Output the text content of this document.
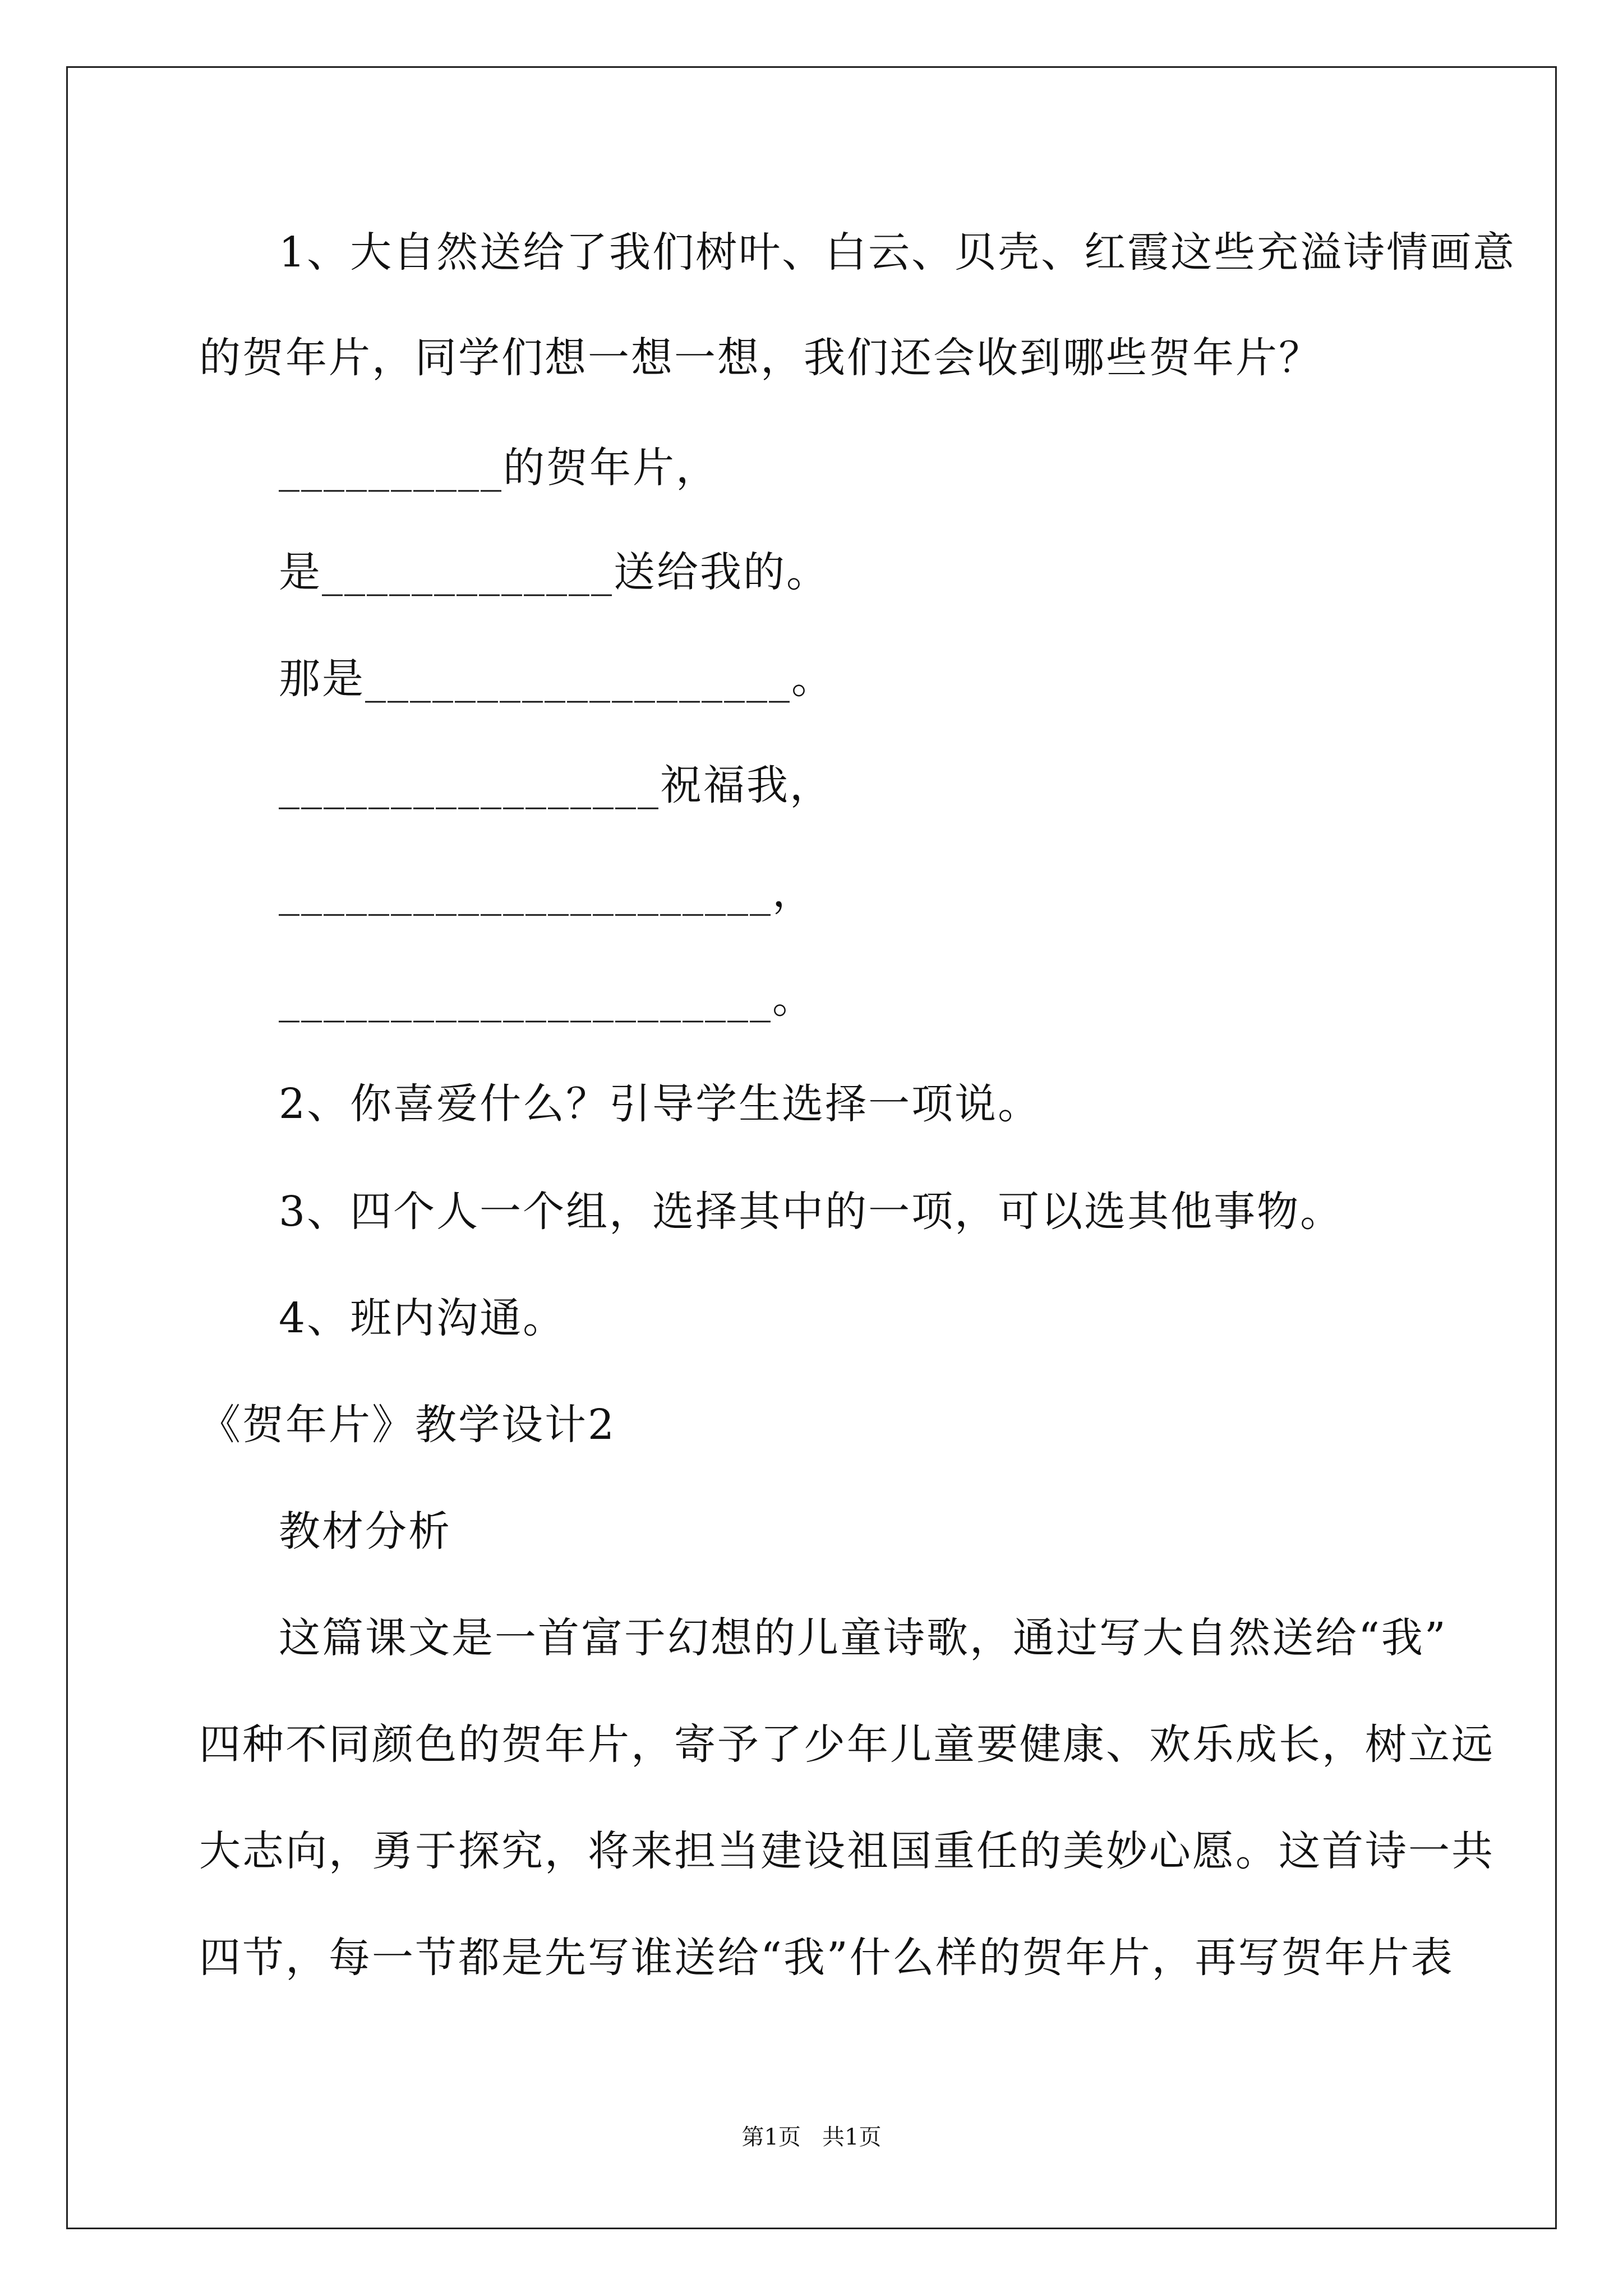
1、大自然送给了我们树叶、白云、贝壳、红霞这些充溢诗情画意
的贺年片，同学们想一想一想，我们还会收到哪些贺年片？
__________的贺年片，
是_____________送给我的。
那是___________________。
_________________祝福我，
______________________，
______________________。
2、你喜爱什么？引导学生选择一项说。
3、四个人一个组，选择其中的一项，可以选其他事物。
4、班内沟通。
《贺年片》教学设计2
教材分析
这篇课文是一首富于幻想的儿童诗歌，通过写大自然送给“我”
四种不同颜色的贺年片，寄予了少年儿童要健康、欢乐成长，树立远
大志向，勇于探究，将来担当建设祖国重任的美妙心愿。这首诗一共
四节，每一节都是先写谁送给“我”什么样的贺年片，再写贺年片表
第1页   共1页
